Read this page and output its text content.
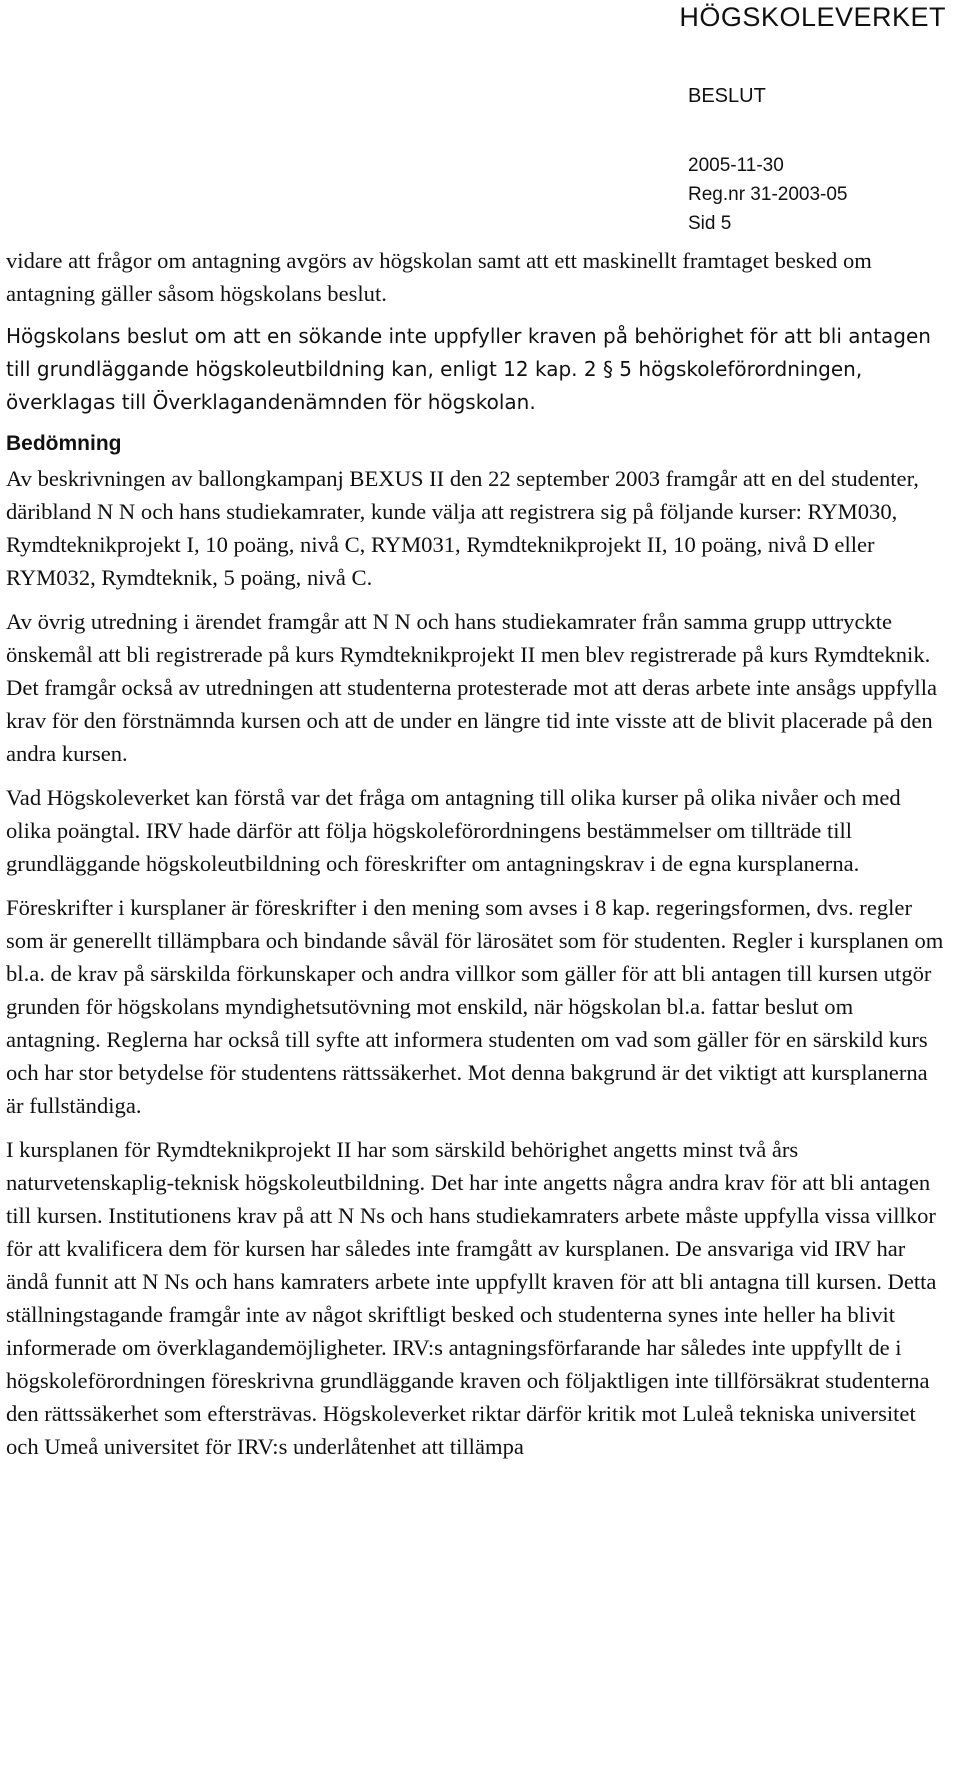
HÖGSKOLEVERKET
BESLUT
2005-11-30
Reg.nr 31-2003-05
Sid 5

vidare att frågor om antagning avgörs av högskolan samt att ett maskinellt framtaget besked om antagning gäller såsom högskolans beslut.

Högskolans beslut om att en sökande inte uppfyller kraven på behörighet för att bli antagen till grundläggande högskoleutbildning kan, enligt 12 kap. 2 § 5 högskoleförordningen, överklagas till Överklagandenämnden för högskolan.

Bedömning

Av beskrivningen av ballongkampanj BEXUS II den 22 september 2003 framgår att en del studenter, däribland N N och hans studiekamrater, kunde välja att registrera sig på följande kurser: RYM030, Rymdteknikprojekt I, 10 poäng, nivå C, RYM031, Rymdteknikprojekt II, 10 poäng, nivå D eller RYM032, Rymdteknik, 5 poäng, nivå C.

Av övrig utredning i ärendet framgår att N N och hans studiekamrater från samma grupp uttryckte önskemål att bli registrerade på kurs Rymdteknikprojekt II men blev registrerade på kurs Rymdteknik. Det framgår också av utredningen att studenterna protesterade mot att deras arbete inte ansågs uppfylla krav för den förstnämnda kursen och att de under en längre tid inte visste att de blivit placerade på den andra kursen.

Vad Högskoleverket kan förstå var det fråga om antagning till olika kurser på olika nivåer och med olika poängtal. IRV hade därför att följa högskoleförordningens bestämmelser om tillträde till grundläggande högskoleutbildning och föreskrifter om antagningskrav i de egna kursplanerna.

Föreskrifter i kursplaner är föreskrifter i den mening som avses i 8 kap. regeringsformen, dvs. regler som är generellt tillämpbara och bindande såväl för lärosätet som för studenten. Regler i kursplanen om bl.a. de krav på särskilda förkunskaper och andra villkor som gäller för att bli antagen till kursen utgör grunden för högskolans myndighetsutövning mot enskild, när högskolan bl.a. fattar beslut om antagning. Reglerna har också till syfte att informera studenten om vad som gäller för en särskild kurs och har stor betydelse för studentens rättssäkerhet. Mot denna bakgrund är det viktigt att kursplanerna är fullständiga.

I kursplanen för Rymdteknikprojekt II har som särskild behörighet angetts minst två års naturvetenskaplig-teknisk högskoleutbildning. Det har inte angetts några andra krav för att bli antagen till kursen. Institutionens krav på att N Ns och hans studiekamraters arbete måste uppfylla vissa villkor för att kvalificera dem för kursen har således inte framgått av kursplanen. De ansvariga vid IRV har ändå funnit att N Ns och hans kamraters arbete inte uppfyllt kraven för att bli antagna till kursen. Detta ställningstagande framgår inte av något skriftligt besked och studenterna synes inte heller ha blivit informerade om överklagandemöjligheter. IRV:s antagningsförfarande har således inte uppfyllt de i högskoleförordningen föreskrivna grundläggande kraven och följaktligen inte tillförsäkrat studenterna den rättssäkerhet som eftersträvas. Högskoleverket riktar därför kritik mot Luleå tekniska universitet och Umeå universitet för IRV:s underlåtenhet att tillämpa
